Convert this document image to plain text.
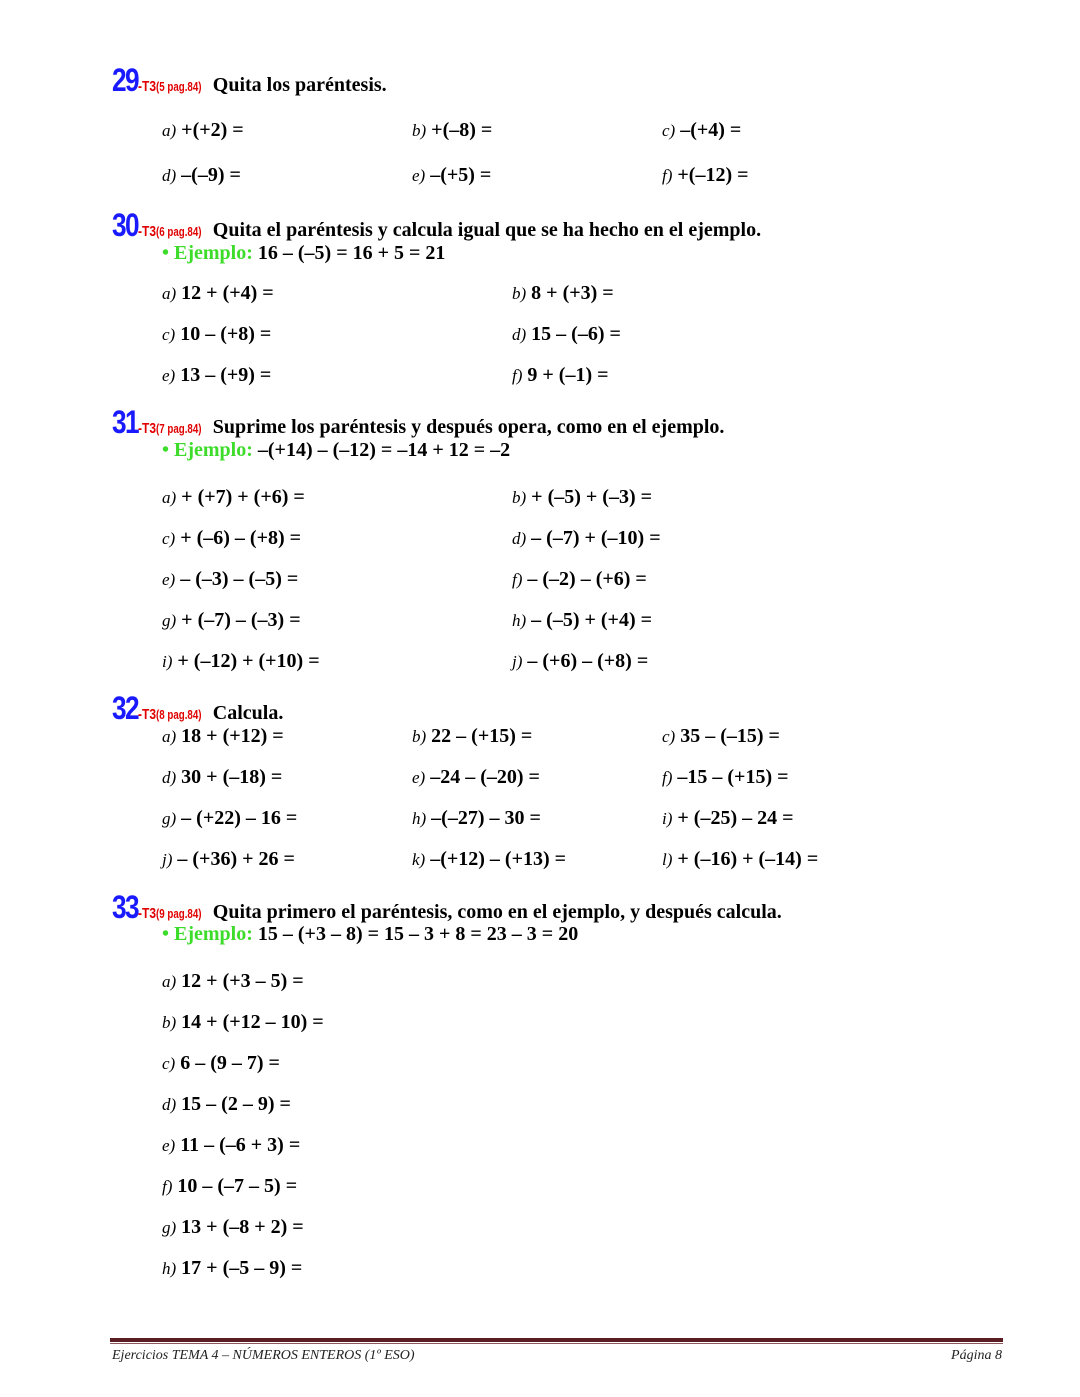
29 -T3 (5 pag.84) Quita los paréntesis.
a) +(+2) =	b) +(–8) =	c) –(+4) =
d) –(–9) =	e) –(+5) =	f) +(–12) =
30 -T3 (6 pag.84) Quita el paréntesis y calcula igual que se ha hecho en el ejemplo.
• Ejemplo: 16 – (–5) = 16 + 5 = 21
a) 12 + (+4) =	b) 8 + (+3) =
c) 10 – (+8) =	d) 15 – (–6) =
e) 13 – (+9) =	f) 9 + (–1) =
31 -T3 (7 pag.84) Suprime los paréntesis y después opera, como en el ejemplo.
• Ejemplo: –(+14) – (–12) = –14 + 12 = –2
a) + (+7) + (+6) =	b) + (–5) + (–3) =
c) + (–6) – (+8) =	d) – (–7) + (–10) =
e) – (–3) – (–5) =	f) – (–2) – (+6) =
g) + (–7) – (–3) =	h) – (–5) + (+4) =
i) + (–12) + (+10) =	j) – (+6) – (+8) =
32 -T3 (8 pag.84) Calcula.
a) 18 + (+12) =	b) 22 – (+15) =	c) 35 – (–15) =
d) 30 + (–18) =	e) –24 – (–20) =	f) –15 – (+15) =
g) – (+22) – 16 =	h) –(–27) – 30 =	i) + (–25) – 24 =
j) – (+36) + 26 =	k) –(+12) – (+13) =	l) + (–16) + (–14) =
33 -T3 (9 pag.84) Quita primero el paréntesis, como en el ejemplo, y después calcula.
• Ejemplo: 15 – (+3 – 8) = 15 – 3 + 8 = 23 – 3 = 20
a) 12 + (+3 – 5) =
b) 14 + (+12 – 10) =
c) 6 – (9 – 7) =
d) 15 – (2 – 9) =
e) 11 – (–6 + 3) =
f) 10 – (–7 – 5) =
g) 13 + (–8 + 2) =
h) 17 + (–5 – 9) =
Ejercicios TEMA 4 – NÚMEROS ENTEROS (1º ESO)	Página 8
